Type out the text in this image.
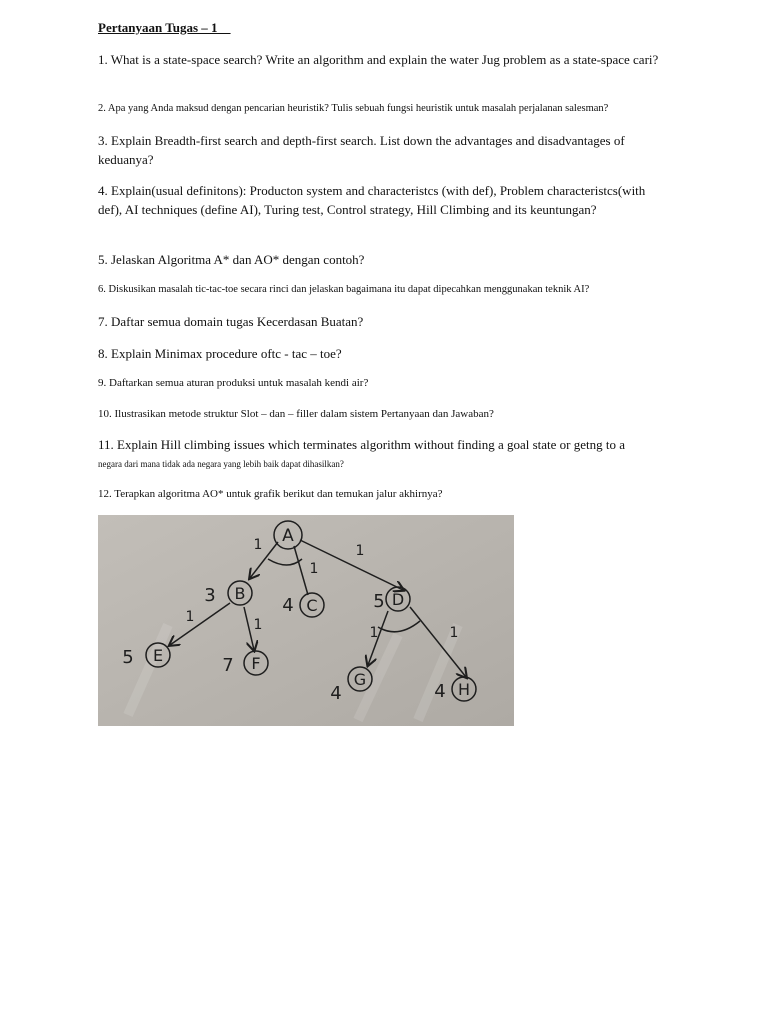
Pertanyaan Tugas – 1
1. What is a state-space search? Write an algorithm and explain the water Jug problem as a state-space cari?
2. Apa yang Anda maksud dengan pencarian heuristik? Tulis sebuah fungsi heuristik untuk masalah perjalanan salesman?
3. Explain Breadth-first search and depth-first search. List down the advantages and disadvantages of keduanya?
4. Explain(usual definitons): Producton system and characteristcs (with def), Problem characteristcs(with def), AI techniques (define AI), Turing test, Control strategy, Hill Climbing and its keuntungan?
5. Jelaskan Algoritma A* dan AO* dengan contoh?
6. Diskusikan masalah tic-tac-toe secara rinci dan jelaskan bagaimana itu dapat dipecahkan menggunakan teknik AI?
7. Daftar semua domain tugas Kecerdasan Buatan?
8. Explain Minimax procedure oftc - tac – toe?
9. Daftarkan semua aturan produksi untuk masalah kendi air?
10. Ilustrasikan metode struktur Slot – dan – filler dalam sistem Pertanyaan dan Jawaban?
11. Explain Hill climbing issues which terminates algorithm without finding a goal state or getng to a
negara dari mana tidak ada negara yang lebih baik dapat dihasilkan?
12. Terapkan algoritma AO* untuk grafik berikut dan temukan jalur akhirnya?
A
B
C	D
E	F
G
H
3	4	5
5	7
4	4
1
1
1
1	1	1	1
